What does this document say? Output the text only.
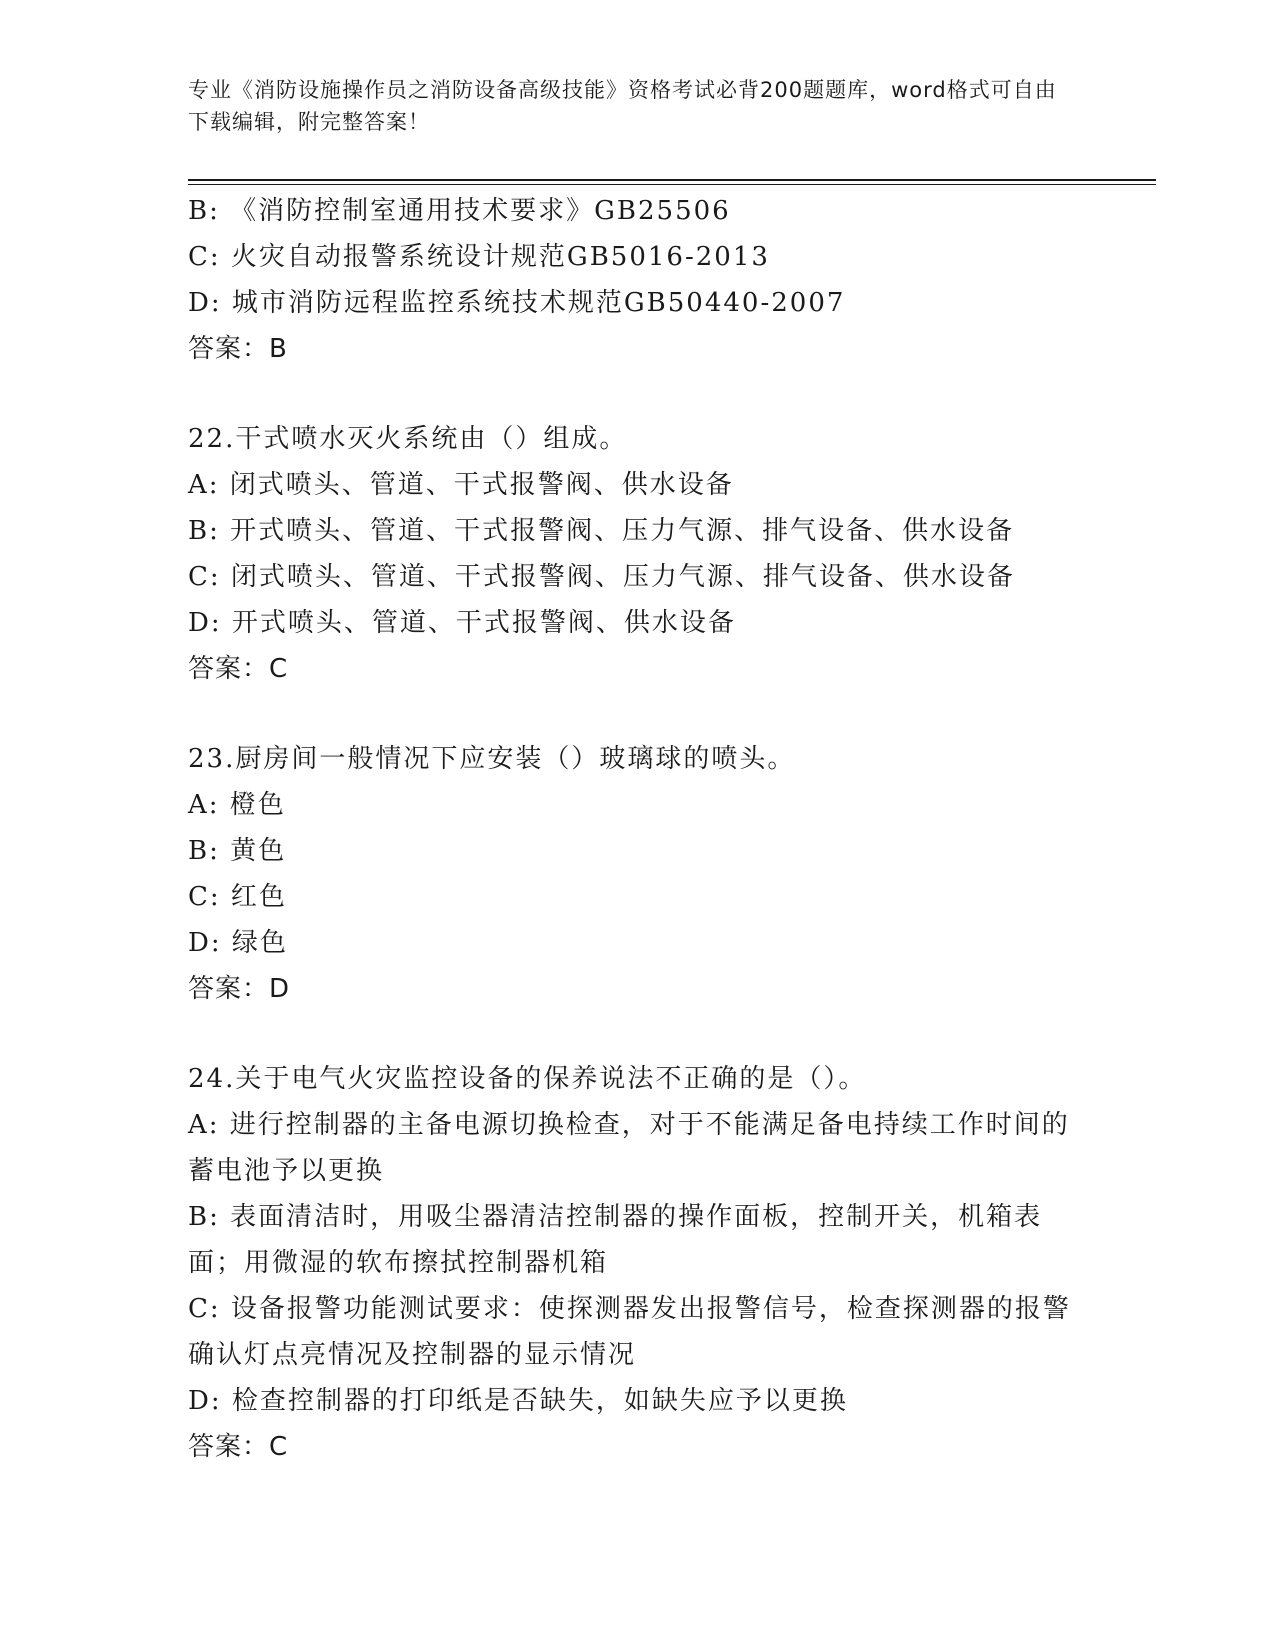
专业《消防设施操作员之消防设备高级技能》资格考试必背200题题库，word格式可自由下载编辑，附完整答案！
B: 《消防控制室通用技术要求》GB25506
C: 火灾自动报警系统设计规范GB5016-2013
D: 城市消防远程监控系统技术规范GB50440-2007
答案：B
22.干式喷水灭火系统由（）组成。
A: 闭式喷头、管道、干式报警阀、供水设备
B: 开式喷头、管道、干式报警阀、压力气源、排气设备、供水设备
C: 闭式喷头、管道、干式报警阀、压力气源、排气设备、供水设备
D: 开式喷头、管道、干式报警阀、供水设备
答案：C
23.厨房间一般情况下应安装（）玻璃球的喷头。
A: 橙色
B: 黄色
C: 红色
D: 绿色
答案：D
24.关于电气火灾监控设备的保养说法不正确的是（）。
A: 进行控制器的主备电源切换检查，对于不能满足备电持续工作时间的蓄电池予以更换
B: 表面清洁时，用吸尘器清洁控制器的操作面板，控制开关，机箱表面；用微湿的软布擦拭控制器机箱
C: 设备报警功能测试要求：使探测器发出报警信号，检查探测器的报警确认灯点亮情况及控制器的显示情况
D: 检查控制器的打印纸是否缺失，如缺失应予以更换
答案：C
